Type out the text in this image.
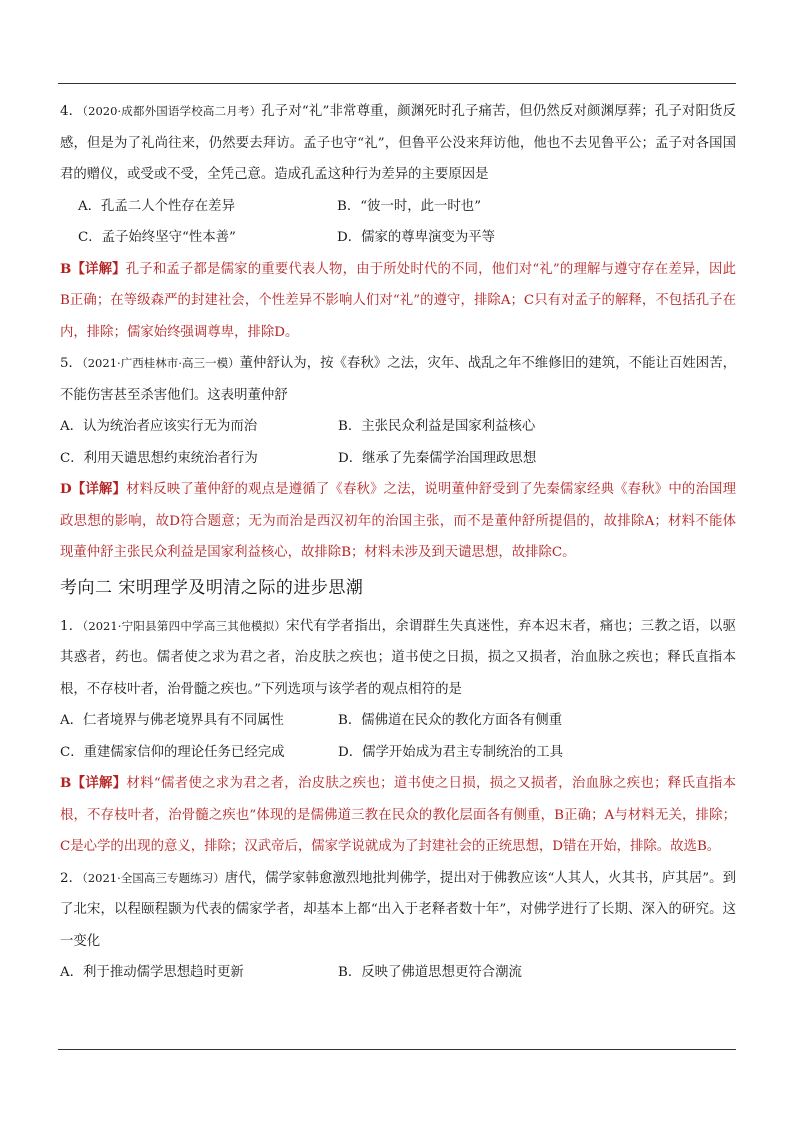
4．（2020·成都外国语学校高二月考）孔子对“礼”非常尊重，颜渊死时孔子痛苦，但仍然反对颜渊厚葬；孔子对阳货反感，但是为了礼尚往来，仍然要去拜访。孟子也守“礼”，但鲁平公没来拜访他，他也不去见鲁平公；孟子对各国国君的赠仪，或受或不受，全凭己意。造成孔孟这种行为差异的主要原因是

A．孔孟二人个性存在差异	B．“彼一时，此一时也”
C．孟子始终坚守“性本善”	D．儒家的尊卑演变为平等

B【详解】孔子和孟子都是儒家的重要代表人物，由于所处时代的不同，他们对“礼”的理解与遵守存在差异，因此B正确；在等级森严的封建社会，个性差异不影响人们对“礼”的遵守，排除A；C只有对孟子的解释，不包括孔子在内，排除；儒家始终强调尊卑，排除D。

5．（2021·广西桂林市·高三一模）董仲舒认为，按《春秋》之法，灾年、战乱之年不维修旧的建筑，不能让百姓困苦，不能伤害甚至杀害他们。这表明董仲舒

A．认为统治者应该实行无为而治	B．主张民众利益是国家利益核心
C．利用天谴思想约束统治者行为	D．继承了先秦儒学治国理政思想

D【详解】材料反映了董仲舒的观点是遵循了《春秋》之法，说明董仲舒受到了先秦儒家经典《春秋》中的治国理政思想的影响，故D符合题意；无为而治是西汉初年的治国主张，而不是董仲舒所提倡的，故排除A；材料不能体现董仲舒主张民众利益是国家利益核心，故排除B；材料未涉及到天谴思想，故排除C。

考向二 宋明理学及明清之际的进步思潮

1．（2021·宁阳县第四中学高三其他模拟）宋代有学者指出，余谓群生失真迷性，弃本迟末者，痛也；三教之语，以驱其惑者，药也。儒者使之求为君之者，治皮肤之疾也；道书使之日损，损之又损者，治血脉之疾也；释氏直指本根，不存枝叶者，治骨髓之疾也。”下列选项与该学者的观点相符的是

A．仁者境界与佛老境界具有不同属性	B．儒佛道在民众的教化方面各有侧重
C．重建儒家信仰的理论任务已经完成	D．儒学开始成为君主专制统治的工具

B【详解】材料“儒者使之求为君之者，治皮肤之疾也；道书使之日损，损之又损者，治血脉之疾也；释氏直指本根，不存枝叶者，治骨髓之疾也”体现的是儒佛道三教在民众的教化层面各有侧重，B正确；A与材料无关，排除；C是心学的出现的意义，排除；汉武帝后，儒家学说就成为了封建社会的正统思想，D错在开始，排除。故选B。

2．（2021·全国高三专题练习）唐代，儒学家韩愈激烈地批判佛学，提出对于佛教应该“人其人，火其书，庐其居”。到了北宋，以程颐程颢为代表的儒家学者，却基本上都“出入于老释者数十年”，对佛学进行了长期、深入的研究。这一变化

A．利于推动儒学思想趋时更新	B．反映了佛道思想更符合潮流
